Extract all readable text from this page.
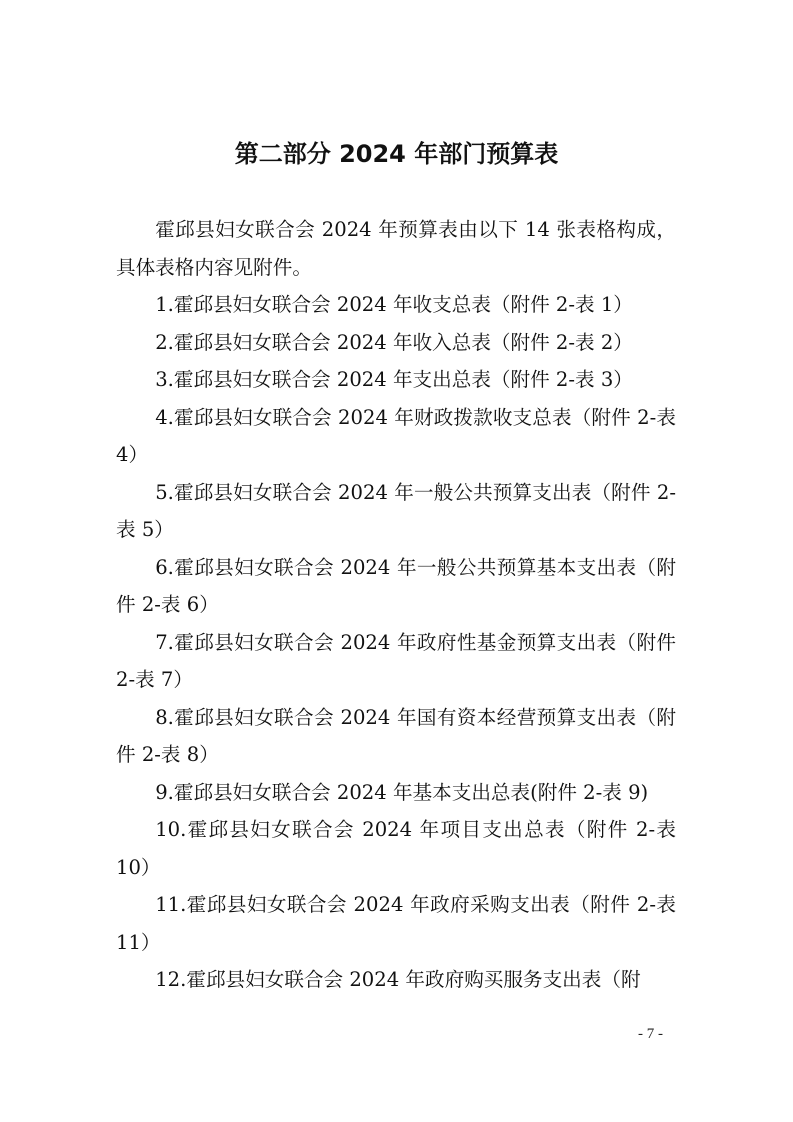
第二部分 2024 年部门预算表

霍邱县妇女联合会 2024 年预算表由以下 14 张表格构成，具体表格内容见附件。

1.霍邱县妇女联合会 2024 年收支总表（附件 2-表 1）

2.霍邱县妇女联合会 2024 年收入总表（附件 2-表 2）

3.霍邱县妇女联合会 2024 年支出总表（附件 2-表 3）

4.霍邱县妇女联合会 2024 年财政拨款收支总表（附件 2-表 4）

5.霍邱县妇女联合会 2024 年一般公共预算支出表（附件 2-表 5）

6.霍邱县妇女联合会 2024 年一般公共预算基本支出表（附件 2-表 6）

7.霍邱县妇女联合会 2024 年政府性基金预算支出表（附件 2-表 7）

8.霍邱县妇女联合会 2024 年国有资本经营预算支出表（附件 2-表 8）

9.霍邱县妇女联合会 2024 年基本支出总表(附件 2-表 9)

10.霍邱县妇女联合会 2024 年项目支出总表（附件 2-表 10）

11.霍邱县妇女联合会 2024 年政府采购支出表（附件 2-表 11）

12.霍邱县妇女联合会 2024 年政府购买服务支出表（附

- 7 -
